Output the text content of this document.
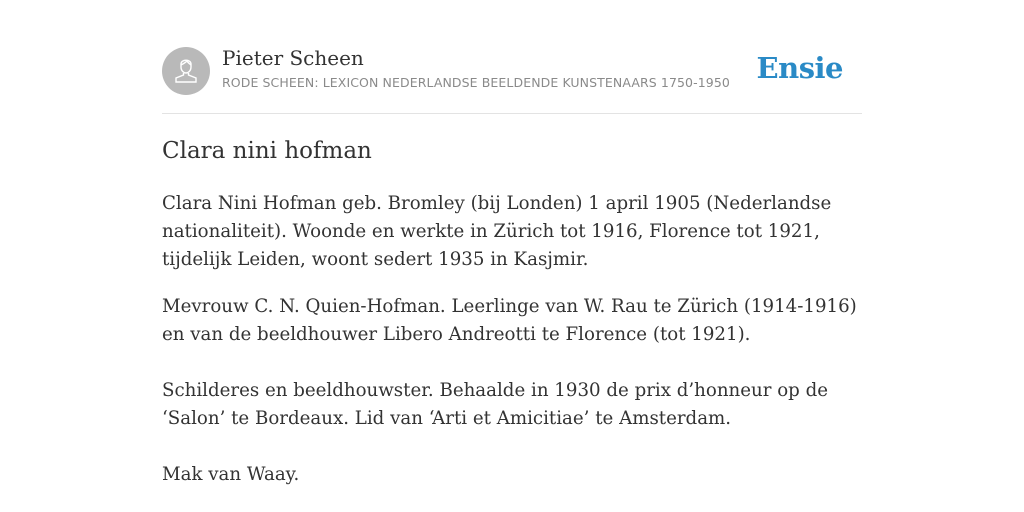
Pieter Scheen
RODE SCHEEN: LEXICON NEDERLANDSE BEELDENDE KUNSTENAARS 1750-1950 Ensie
Clara nini hofman

Clara Nini Hofman geb. Bromley (bij Londen) 1 april 1905 (Nederlandse nationaliteit). Woonde en werkte in Zürich tot 1916, Florence tot 1921, tijdelijk Leiden, woont sedert 1935 in Kasjmir.

Mevrouw C. N. Quien-Hofman. Leerlinge van W. Rau te Zürich (1914-1916) en van de beeldhouwer Libero Andreotti te Florence (tot 1921).

Schilderes en beeldhouwster. Behaalde in 1930 de prix d’honneur op de ‘Salon’ te Bordeaux. Lid van ‘Arti et Amicitiae’ te Amsterdam.

Mak van Waay.
